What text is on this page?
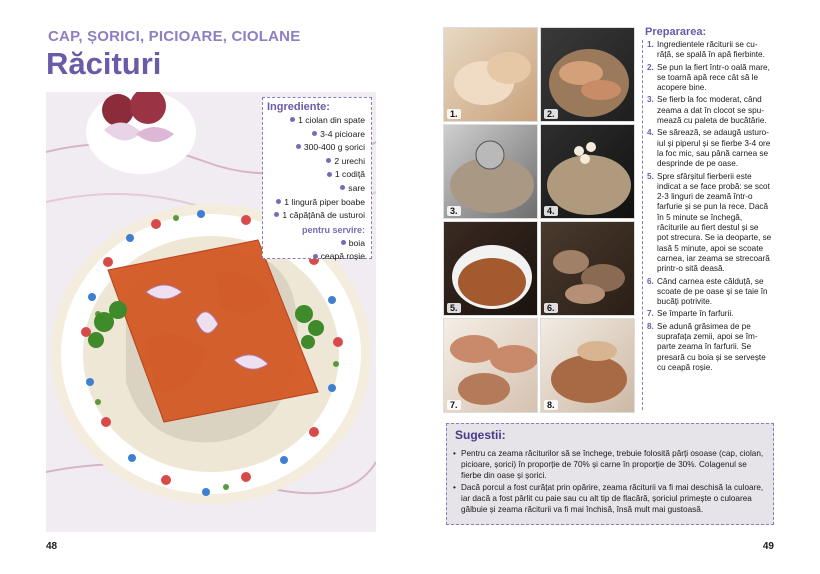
CAP, ȘORICI, PICIOARE, CIOLANE
Răcituri
Ingrediente:
1 ciolan din spate
3-4 picioare
300-400 g șorici
2 urechi
1 codiță
sare
1 lingură piper boabe
1 căpățână de usturoi
pentru servire:
boia
ceapă roșie
48
1.	2.
3.	4.
5.	6.
7.	8.
Prepararea:
1. Ingredientele răciturii se cu-răță, se spală în apă fierbinte.
2. Se pun la fiert într-o oală mare, se toarnă apă rece cât să le acopere bine.
3. Se fierb la foc moderat, când zeama a dat în clocot se spu-mează cu paleta de bucătărie.
4. Se sărează, se adaugă usturo-iul și piperul și se fierbe 3-4 ore la foc mic, sau până carnea se desprinde de pe oase.
5. Spre sfârșitul fierberii este indicat a se face probă: se scot 2-3 linguri de zeamă într-o farfurie și se pun la rece. Dacă în 5 minute se închegă, răciturile au fiert destul și se pot strecura. Se ia deoparte, se lasă 5 minute, apoi se scoate carnea, iar zeama se strecoară printr-o sită deasă.
6. Când carnea este călduță, se scoate de pe oase și se taie în bucăți potrivite.
7. Se împarte în farfurii.
8. Se adună grăsimea de pe suprafața zemii, apoi se îm-parte zeama în farfurii. Se presară cu boia și se servește cu ceapă roșie.
Sugestii:
• Pentru ca zeama răciturilor să se închege, trebuie folosită părți osoase (cap, ciolan, picioare, șorici) în proporție de 70% și carne în proporție de 30%. Colagenul se fierbe din oase și șorici.
• Dacă porcul a fost curățat prin opărire, zeama răciturii va fi mai deschisă la culoare, iar dacă a fost pârlit cu paie sau cu alt tip de flacără, șoriciul primește o culoarea gălbuie și zeama răciturii va fi mai închisă, însă mult mai gustoasă.
49
